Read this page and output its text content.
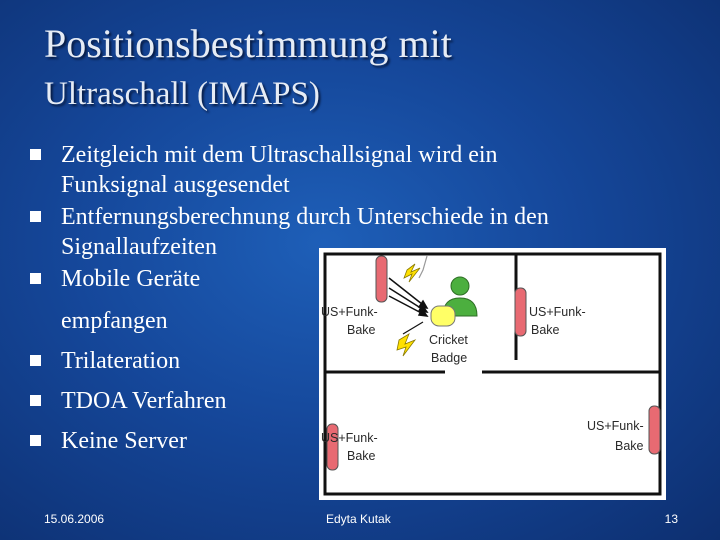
Positionsbestimmung mit
Ultraschall (IMAPS)
Zeitgleich mit dem Ultraschallsignal wird ein
Funksignal ausgesendet
Entfernungsberechnung durch Unterschiede in den
Signallaufzeiten
Mobile Geräte
empfangen
Trilateration
TDOA Verfahren
Keine Server
US+Funk-
Bake
US+Funk-
Bake
US+Funk-
Bake
US+Funk-
Bake
Cricket
Badge
15.06.2006	Edyta Kutak	13
